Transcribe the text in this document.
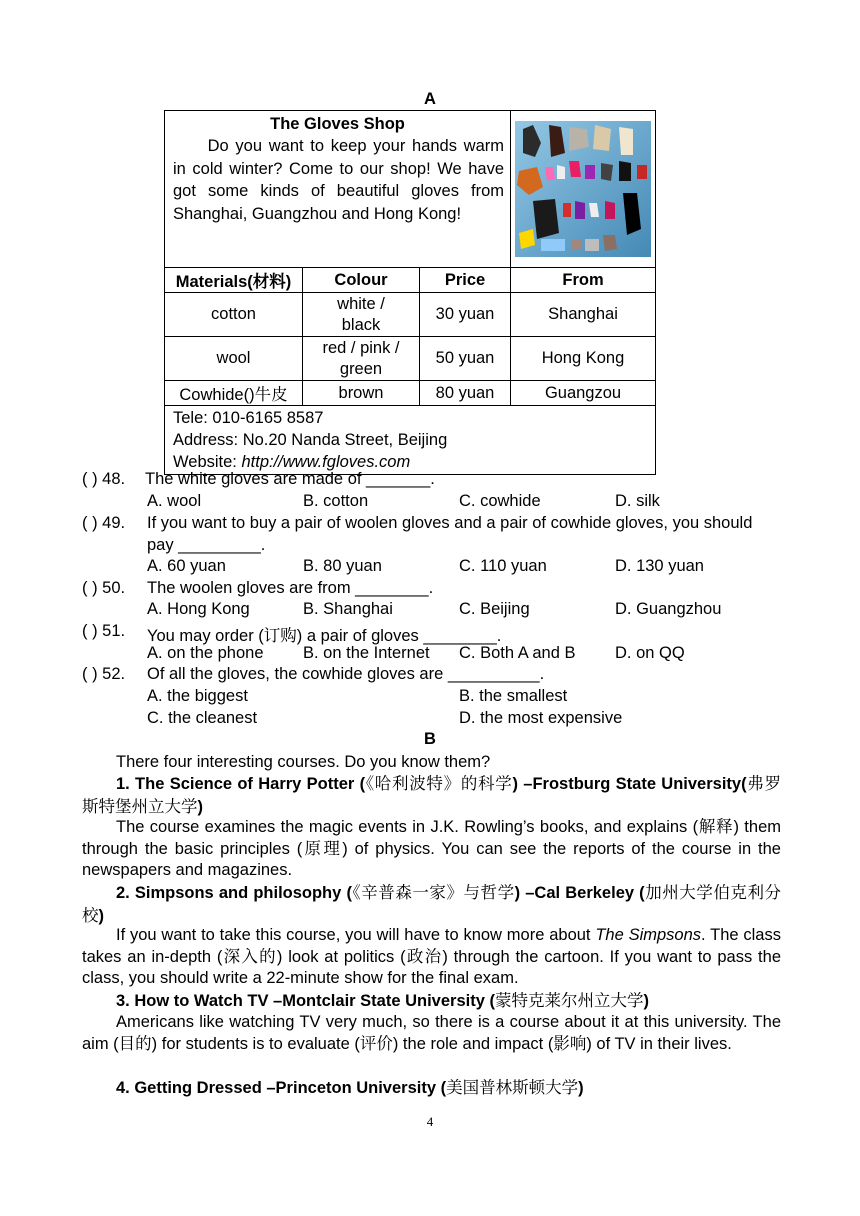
A
The Gloves Shop
Do you want to keep your hands warm in cold winter? Come to our shop! We have got some kinds of beautiful gloves from Shanghai, Guangzhou and Hong Kong!

Materials(材料)	Colour	Price	From
cotton	white / black	30 yuan	Shanghai
wool	red / pink / green	50 yuan	Hong Kong
Cowhide()牛皮	brown	80 yuan	Guangzou

Tele: 010-6165 8587
Address: No.20 Nanda Street, Beijing
Website: http://www.fgloves.com			
( ) 48. The white gloves are made of _______.
A. wool	B. cotton	C. cowhide	D. silk
( ) 49. If you want to buy a pair of woolen gloves and a pair of cowhide gloves, you should
pay _________.
A. 60 yuan	B. 80 yuan	C. 110 yuan	D. 130 yuan
( ) 50. The woolen gloves are from ________.
A. Hong Kong	B. Shanghai	C. Beijing	D. Guangzhou
( ) 51. You may order (订购) a pair of gloves ________.
A. on the phone B. on the Internet C. Both A and B D. on QQ
( ) 52. Of all the gloves, the cowhide gloves are __________.
A. the biggest	B. the smallest
C. the cleanest	D. the most expensive
B
There four interesting courses. Do you know them?
1. The Science of Harry Potter (《哈利波特》的科学) –Frostburg State University(弗罗斯特堡州立大学)
The course examines the magic events in J.K. Rowling’s books, and explains (解释) them through the basic principles (原理) of physics. You can see the reports of the course in the newspapers and magazines.
2. Simpsons and philosophy (《辛普森一家》与哲学) –Cal Berkeley (加州大学伯克利分校)
If you want to take this course, you will have to know more about The Simpsons. The class takes an in-depth (深入的) look at politics (政治) through the cartoon. If you want to pass the class, you should write a 22-minute show for the final exam.
3. How to Watch TV –Montclair State University (蒙特克莱尔州立大学)
Americans like watching TV very much, so there is a course about it at this university. The aim (目的) for students is to evaluate (评价) the role and impact (影响) of TV in their lives.
4. Getting Dressed –Princeton University (美国普林斯顿大学)
4
